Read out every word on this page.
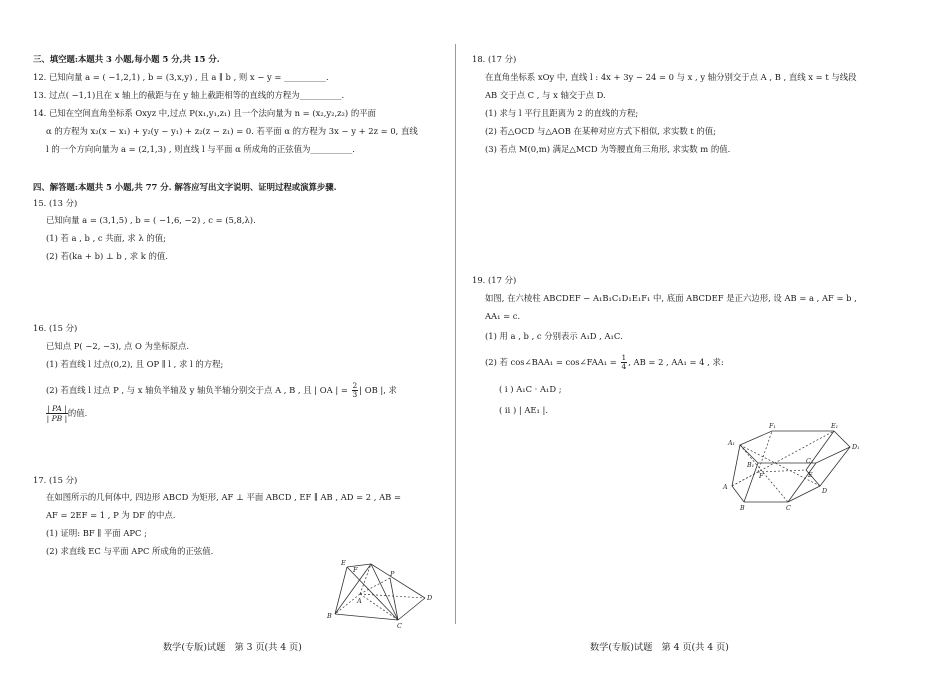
三、填空题:本题共 3 小题,每小题 5 分,共 15 分.
12. 已知向量 a = ( −1,2,1) , b = (3,x,y) , 且 a ∥ b , 则 x − y = __________.
13. 过点( −1,1)且在 x 轴上的截距与在 y 轴上截距相等的直线的方程为__________.
14. 已知在空间直角坐标系 Oxyz 中,过点 P(x₁,y₁,z₁) 且一个法向量为 n = (x₂,y₂,z₂) 的平面
α 的方程为 x₂(x − x₁) + y₂(y − y₁) + z₂(z − z₁) = 0. 若平面 α 的方程为 3x − y + 2z = 0, 直线
l 的一个方向向量为 a = (2,1,3) , 则直线 l 与平面 α 所成角的正弦值为__________.
四、解答题:本题共 5 小题,共 77 分. 解答应写出文字说明、证明过程或演算步骤.
15. (13 分)
已知向量 a = (3,1,5) , b = ( −1,6, −2) , c = (5,8,λ).
(1) 若 a , b , c 共面, 求 λ 的值;
(2) 若(ka + b) ⊥ b , 求 k 的值.
16. (15 分)
已知点 P( −2, −3), 点 O 为坐标原点.
(1) 若直线 l 过点(0,2), 且 OP ∥ l , 求 l 的方程;
(2) 若直线 l 过点 P , 与 x 轴负半轴及 y 轴负半轴分别交于点 A , B , 且 | OA | = $\frac{2}{3}$ | OB |, 求
$\frac{| PA |}{| PB |}$ 的值.
17. (15 分)
在如图所示的几何体中, 四边形 ABCD 为矩形, AF ⊥ 平面 ABCD , EF ∥ AB , AD = 2 , AB =
AF = 2EF = 1 , P 为 DF 的中点.
(1) 证明: BF ∥ 平面 APC ;
(2) 求直线 EC 与平面 APC 所成角的正弦值.
E
F	P
D
A
B
C
数学(专版)试题　第 3 页(共 4 页)
18. (17 分)
在直角坐标系 xOy 中, 直线 l : 4x + 3y − 24 = 0 与 x , y 轴分别交于点 A , B , 直线 x = t 与线段
AB 交于点 C , 与 x 轴交于点 D.
(1) 求与 l 平行且距离为 2 的直线的方程;
(2) 若△OCD 与△AOB 在某种对应方式下相似, 求实数 t 的值;
(3) 若点 M(0,m) 满足△MCD 为等腰直角三角形, 求实数 m 的值.
19. (17 分)
如图, 在六棱柱 ABCDEF − A₁B₁C₁D₁E₁F₁ 中, 底面 ABCDEF 是正六边形, 设 AB = a , AF = b ,
AA₁ = c.
(1) 用 a , b , c 分别表示 A₁D , A₁C.
(2) 若 cos∠BAA₁ = cos∠FAA₁ = $\frac{1}{4}$ , AB = 2 , AA₁ = 4 , 求:
( ⅰ ) A₁C · A₁D ;
( ⅱ ) | AE₁ |.
F₁	E₁
A₁
D₁
B₁
C₁
F	E
A
D
B	C
数学(专版)试题　第 4 页(共 4 页)
